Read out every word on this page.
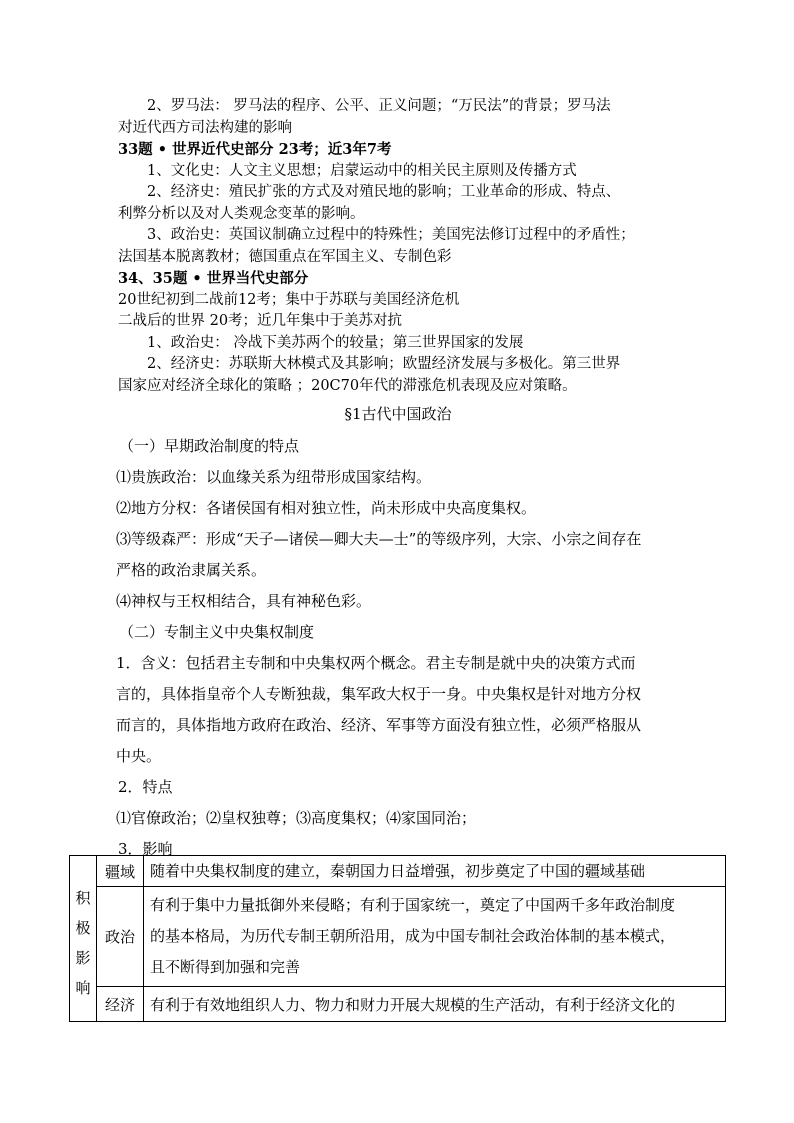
2、罗马法： 罗马法的程序、公平、正义问题；“万民法”的背景；罗马法
对近代西方司法构建的影响
33题 • 世界近代史部分 23考；近3年7考
1、文化史：人文主义思想；启蒙运动中的相关民主原则及传播方式
2、经济史：殖民扩张的方式及对殖民地的影响；工业革命的形成、特点、
利弊分析以及对人类观念变革的影响。
3、政治史：英国议制确立过程中的特殊性；美国宪法修订过程中的矛盾性；
法国基本脱离教材；德国重点在军国主义、专制色彩
34、35题 • 世界当代史部分
20世纪初到二战前12考；集中于苏联与美国经济危机
二战后的世界 20考；近几年集中于美苏对抗
1、政治史： 冷战下美苏两个的较量；第三世界国家的发展
2、经济史：苏联斯大林模式及其影响；欧盟经济发展与多极化。第三世界
国家应对经济全球化的策略 ；20C70年代的滞涨危机表现及应对策略。
§1古代中国政治
（一）早期政治制度的特点
⑴贵族政治：以血缘关系为纽带形成国家结构。
⑵地方分权：各诸侯国有相对独立性，尚未形成中央高度集权。
⑶等级森严：形成“天子—诸侯—卿大夫—士”的等级序列，大宗、小宗之间存在
严格的政治隶属关系。
⑷神权与王权相结合，具有神秘色彩。
（二）专制主义中央集权制度
1．含义：包括君主专制和中央集权两个概念。君主专制是就中央的决策方式而
言的，具体指皇帝个人专断独裁，集军政大权于一身。中央集权是针对地方分权
而言的，具体指地方政府在政治、经济、军事等方面没有独立性，必须严格服从
中央。
2．特点
⑴官僚政治；⑵皇权独尊；⑶高度集权；⑷家国同治；
3．影响
积极影响	疆域	随着中央集权制度的建立，秦朝国力日益增强，初步奠定了中国的疆域基础

	政治	有利于集中力量抵御外来侵略；有利于国家统一，奠定了中国两千多年政治制度
的基本格局，为历代专制王朝所沿用，成为中国专制社会政治体制的基本模式，
且不断得到加强和完善

	经济	有利于有效地组织人力、物力和财力开展大规模的生产活动，有利于经济文化的
